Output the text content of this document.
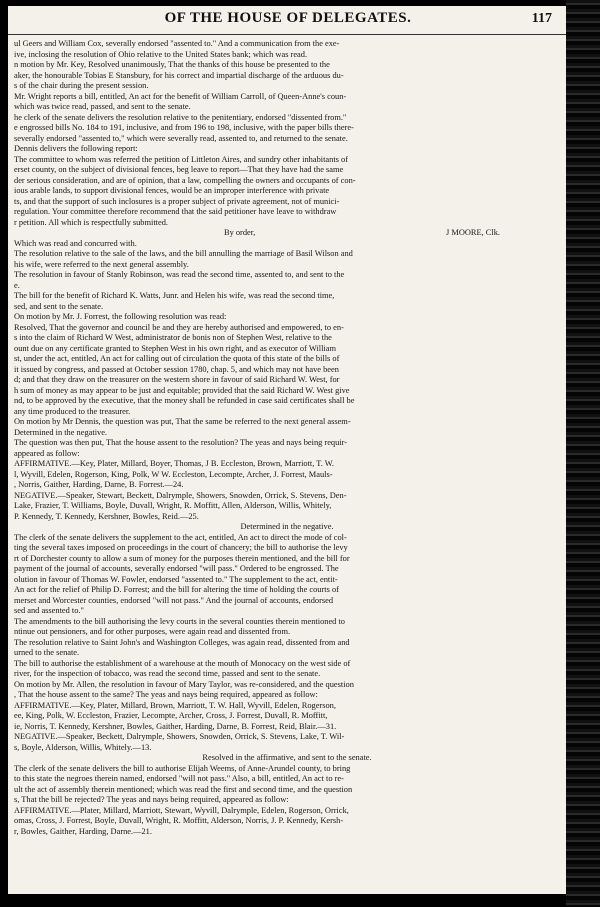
OF THE HOUSE OF DELEGATES.	117
ul Geers and William Cox, severally endorsed "assented to." And a communication from the exe-
ive, inclosing the resolution of Ohio relative to the United States bank; which was read.
n motion by Mr. Key, Resolved unanimously, That the thanks of this house be presented to the
aker, the honourable Tobias E Stansbury, for his correct and impartial discharge of the arduous du-
s of the chair during the present session.
Mr. Wright reports a bill, entitled, An act for the benefit of William Carroll, of Queen-Anne's coun-
which was twice read, passed, and sent to the senate.
he clerk of the senate delivers the resolution relative to the penitentiary, endorsed "dissented from."
e engrossed bills No. 184 to 191, inclusive, and from 196 to 198, inclusive, with the paper bills there-
severally endorsed "assented to," which were severally read, assented to, and returned to the senate.
Dennis delivers the following report:
The committee to whom was referred the petition of Littleton Aires, and sundry other inhabitants of
erset county, on the subject of divisional fences, beg leave to report—That they have had the same
der serious consideration, and are of opinion, that a law, compelling the owners and occupants of con-
ious arable lands, to support divisional fences, would be an improper interference with private
ts, and that the support of such inclosures is a proper subject of private agreement, not of munici-
regulation. Your committee therefore recommend that the said petitioner have leave to withdraw
r petition. All which is respectfully submitted.
By order,	J MOORE, Clk.
Which was read and concurred with.
The resolution relative to the sale of the laws, and the bill annulling the marriage of Basil Wilson and
his wife, were referred to the next general assembly.
The resolution in favour of Stanly Robinson, was read the second time, assented to, and sent to the
e.
The bill for the benefit of Richard K. Watts, Junr. and Helen his wife, was read the second time,
sed, and sent to the senate.
On motion by Mr. J. Forrest, the following resolution was read:
Resolved, That the governor and council be and they are hereby authorised and empowered, to en-
s into the claim of Richard W West, administrator de bonis non of Stephen West, relative to the
ount due on any certificate granted to Stephen West in his own right, and as executor of William
st, under the act, entitled, An act for calling out of circulation the quota of this state of the bills of
it issued by congress, and passed at October session 1780, chap. 5, and which may not have been
d; and that they draw on the treasurer on the western shore in favour of said Richard W. West, for
h sum of money as may appear to be just and equitable; provided that the said Richard W. West give
nd, to be approved by the executive, that the money shall be refunded in case said certificates shall be
any time produced to the treasurer.
On motion by Mr Dennis, the question was put, That the same be referred to the next general assem-
Determined in the negative.
The question was then put, That the house assent to the resolution? The yeas and nays being requir-
appeared as follow:
AFFIRMATIVE.—Key, Plater, Millard, Boyer, Thomas, J B. Eccleston, Brown, Marriott, T. W.
l, Wyvill, Edelen, Rogerson, King, Polk, W W. Eccleston, Lecompte, Archer, J. Forrest, Mauls-
, Norris, Gaither, Harding, Darne, B. Forrest.—24.
NEGATIVE.—Speaker, Stewart, Beckett, Dalrymple, Showers, Snowden, Orrick, S. Stevens, Den-
Lake, Frazier, T. Williams, Boyle, Duvall, Wright, R. Moffitt, Allen, Alderson, Willis, Whitely,
P. Kennedy, T. Kennedy, Kershner, Bowles, Reid.—25.
Determined in the negative.
The clerk of the senate delivers the supplement to the act, entitled, An act to direct the mode of col-
ting the several taxes imposed on proceedings in the court of chancery; the bill to authorise the levy
rt of Dorchester county to allow a sum of money for the purposes therein mentioned, and the bill for
payment of the journal of accounts, severally endorsed "will pass." Ordered to be engrossed. The
olution in favour of Thomas W. Fowler, endorsed "assented to." The supplement to the act, entit-
An act for the relief of Philip D. Forrest; and the bill for altering the time of holding the courts of
merset and Worcester counties, endorsed "will not pass." And the journal of accounts, endorsed
sed and assented to."
The amendments to the bill authorising the levy courts in the several counties therein mentioned to
ntinue out pensioners, and for other purposes, were again read and dissented from.
The resolution relative to Saint John's and Washington Colleges, was again read, dissented from and
urned to the senate.
The bill to authorise the establishment of a warehouse at the mouth of Monocacy on the west side of
river, for the inspection of tobacco, was read the second time, passed and sent to the senate.
On motion by Mr. Allen, the resolution in favour of Mary Taylor, was re-considered, and the question
, That the house assent to the same? The yeas and nays being required, appeared as follow:
AFFIRMATIVE.—Key, Plater, Millard, Brown, Marriott, T. W. Hall, Wyvill, Edelen, Rogerson,
ee, King, Polk, W. Eccleston, Frazier, Lecompte, Archer, Cross, J. Forrest, Duvall, R. Moffitt,
ie, Norris, T. Kennedy, Kershner, Bowles, Gaither, Harding, Darne, B. Forrest, Reid, Blair.—31.
NEGATIVE.—Speaker, Beckett, Dalrymple, Showers, Snowden, Orrick, S. Stevens, Lake, T. Wil-
s, Boyle, Alderson, Willis, Whitely.—13.
Resolved in the affirmative, and sent to the senate.
The clerk of the senate delivers the bill to authorise Elijah Weems, of Anne-Arundel county, to bring
to this state the negroes therein named, endorsed "will not pass." Also, a bill, entitled, An act to re-
ult the act of assembly therein mentioned; which was read the first and second time, and the question
s, That the bill be rejected? The yeas and nays being required, appeared as follow:
AFFIRMATIVE.—Plater, Millard, Marriott, Stewart, Wyvill, Dalrymple, Edelen, Rogerson, Orrick,
omas, Cross, J. Forrest, Boyle, Duvall, Wright, R. Moffitt, Alderson, Norris, J. P. Kennedy, Kersh-
r, Bowles, Gaither, Harding, Darne.—21.
